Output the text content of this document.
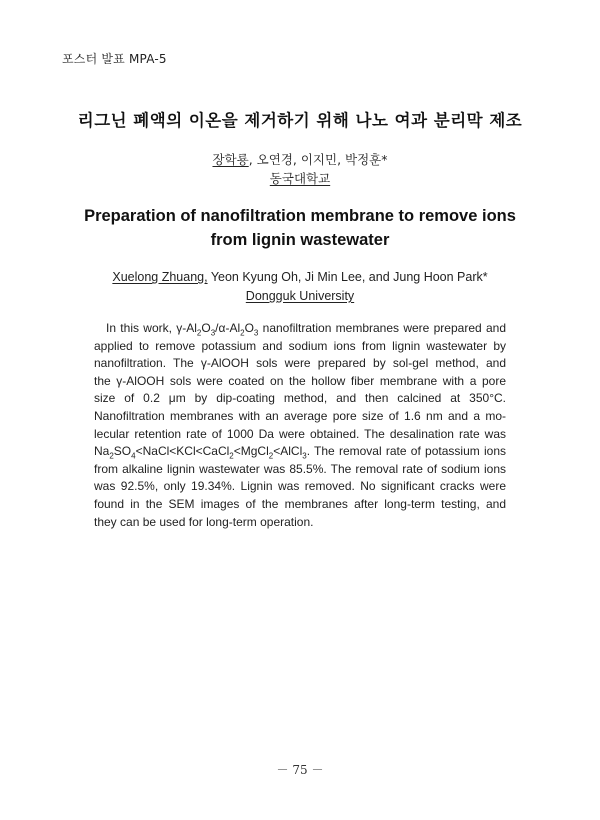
포스터 발표 MPA-5
리그닌 폐액의 이온을 제거하기 위해 나노 여과 분리막 제조
장학룡, 오연경, 이지민, 박정훈*
동국대학교
Preparation of nanofiltration membrane to remove ions
from lignin wastewater
Xuelong Zhuang, Yeon Kyung Oh, Ji Min Lee, and Jung Hoon Park*
Dongguk University
In this work, $\gamma-Al_2O_3/\alpha-Al_2O_3$ nanofiltration membranes were prepared and
applied to remove potassium and sodium ions from lignin wastewater by
nanofiltration. The γ-AlOOH sols were prepared by sol-gel method, and
the γ-AlOOH sols were coated on the hollow fiber membrane with a pore
size of 0.2 μm by dip-coating method, and then calcined at 350°C.
Nanofiltration membranes with an average pore size of 1.6 nm and a mo-
lecular retention rate of 1000 Da were obtained. The desalination rate was
$Na_2SO_4<NaCl<KCl<CaCl_2<MgCl_2<AlCl_3$. The removal rate of potassium ions
from alkaline lignin wastewater was 85.5%. The removal rate of sodium ions
was 92.5%, only 19.34%. Lignin was removed. No significant cracks were
found in the SEM images of the membranes after long-term testing, and
they can be used for long-term operation.
－ 75 －
